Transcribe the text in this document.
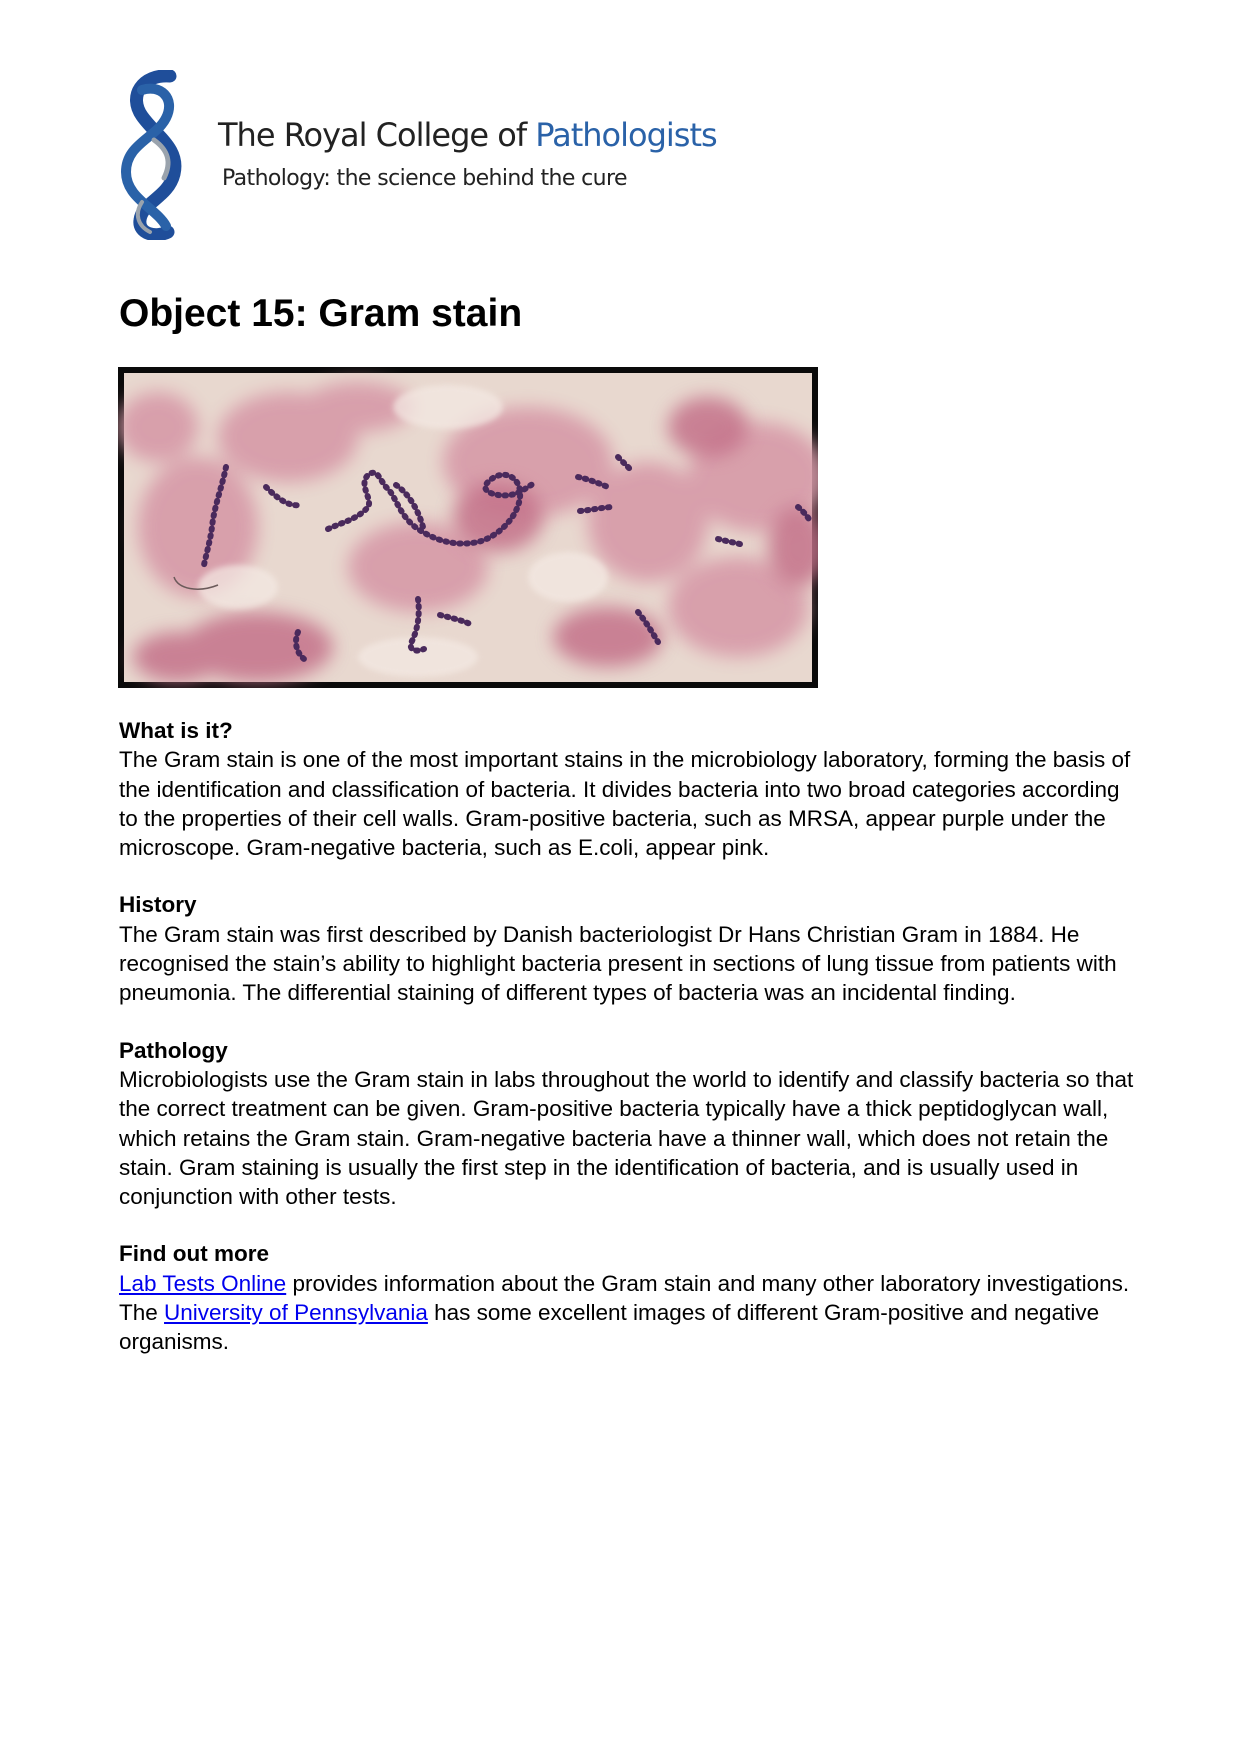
The Royal College of Pathologists
Pathology: the science behind the cure
Object 15: Gram stain
What is it?

The Gram stain is one of the most important stains in the microbiology laboratory, forming the basis of the identification and classification of bacteria. It divides bacteria into two broad categories according to the properties of their cell walls. Gram-positive bacteria, such as MRSA, appear purple under the microscope. Gram-negative bacteria, such as E.coli, appear pink.

History

The Gram stain was first described by Danish bacteriologist Dr Hans Christian Gram in 1884. He recognised the stain’s ability to highlight bacteria present in sections of lung tissue from patients with pneumonia. The differential staining of different types of bacteria was an incidental finding.

Pathology

Microbiologists use the Gram stain in labs throughout the world to identify and classify bacteria so that the correct treatment can be given. Gram-positive bacteria typically have a thick peptidoglycan wall, which retains the Gram stain. Gram-negative bacteria have a thinner wall, which does not retain the stain. Gram staining is usually the first step in the identification of bacteria, and is usually used in conjunction with other tests.

Find out more

Lab Tests Online provides information about the Gram stain and many other laboratory investigations.

The University of Pennsylvania has some excellent images of different Gram-positive and negative organisms.
